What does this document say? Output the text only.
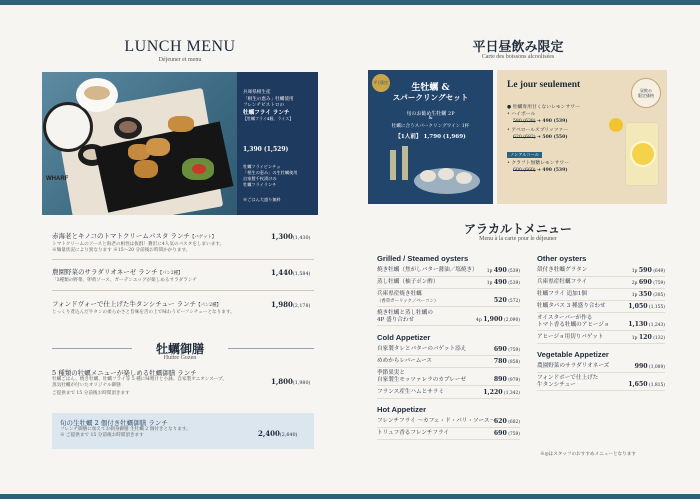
LUNCH MENU
Déjeuner et menu
WHARF
兵庫県相生産
「相生の恵み」牡蠣使用
フレンチビストロの
牡蠣フライ ランチ
【牡蠣フライ4個、ライス】
1,390 (1,529)
牡蠣フライピンチョ
「相生の恵み」の生牡蠣使用
自家製千枚漬けの
牡蠣フライランチ
※ごはん大盛り無料
赤海老とキノコのトマトクリームパスタ ランチ【バゲット】
トマトクリームのソースと海老の相性は抜群！贅沢に4人気のパスタをしまいます。
※麺量状況により異なります ※15～20 分前後お時間かかります。
1,300(1,430)
農園野菜のサラダリオネーゼ ランチ【パン2種】
「3種類の野菜、卵黄ソース、ガーデンエッグが楽しめるサラダランチ
1,440(1,584)
フォンドヴォーで仕上げた牛タンシチュー ランチ【パン2種】
じっくり煮込んだ牛タンの柔らかさと旨味を舌の上で味わうビーフシチューとなります。
1,980(2,178)
牡蠣御膳
Huitre Gozen
5 種類の牡蠣メニューが楽しめる牡蠣御膳 ランチ
牡蠣ごはん、焼き牡蠣、牡蠣フライ等 5 種に味噌汁と小鉢、自家製オニオンスープ、
蒸気牡蠣が付いたオリジナル御膳
ご提供まで 15 分前後お時間頂きます
1,800(1,980)
旬の生牡蠣 2 個付き牡蠣御膳 ランチ
フレンチ御膳に加えてお刺身御膳 生牡蠣 2 個付きとなります。
※ ご提供まで 15 分前後お時間頂きます	2,400(2,640)
平日昼飲み限定
Carte des boissons alcoolisées
平日限定
生牡蠣 &
スパークリングセット
旬のお勧め生牡蠣 2P
&
牡蠣に合うスパークリングワイン 1杯
【1人前】 1,790 (1,969)
Le jour seulement
昼飲み
限定価格
● 牡蠣専用甘くないレモンサワー
• ハイボール
580 (638) ➜ 490 (539)
• アペロールスプリッツァー
620 (682) ➜ 500 (550)
ノンアルコール
• クラフト無糖レモンサワー
600 (660) ➜ 490 (539)
アラカルトメニュー
Menu à la carte pour le déjeuner
Grilled / Steamed oysters
焼き牡蠣（焦がしバター醤油／塩焼き）	1p 490 (539)
蒸し牡蠣（柚子ポン酢）	1p 490 (539)
兵庫県産焼き牡蠣
（香草ガーリック／ベーコン）	520 (572)
焼き牡蠣と蒸し牡蠣の
4P 盛り合わせ	4p 1,900 (2,090)
Cold Appetizer
自家製タレとバターのバゲット添え	690 (759)
めめからレバームース	780 (858)
季節果実と
自家製生モッツァレラのカプレーゼ	890 (979)
フランス産生ハムとサラミ	1,220 (1,342)
Hot Appetizer
フレンチフライ ～カフェ・ド・パリ・ソース～
620 (682)
トリュフ香るフレンチフライ	690 (759)
Other oysters
殻付き牡蠣グラタン	1p 590 (649)
兵庫県産牡蠣フライ	2p 690 (759)
牡蠣フライ 追加1個	1p 350 (385)
牡蠣タパス 3 種盛り合わせ	1,050 (1,155)
オイスターバーが作る
トマト香る牡蠣のアヒージョ	1,130 (1,243)
アヒージョ用切りバゲット	1p 120 (132)
Vegetable Appetizer
農園野菜のサラダリオネーズ	990 (1,089)
フォンドボーで仕上げた
牛タンシチュー	1,650 (1,815)
※◎はスタッフのおすすめメニューとなります
